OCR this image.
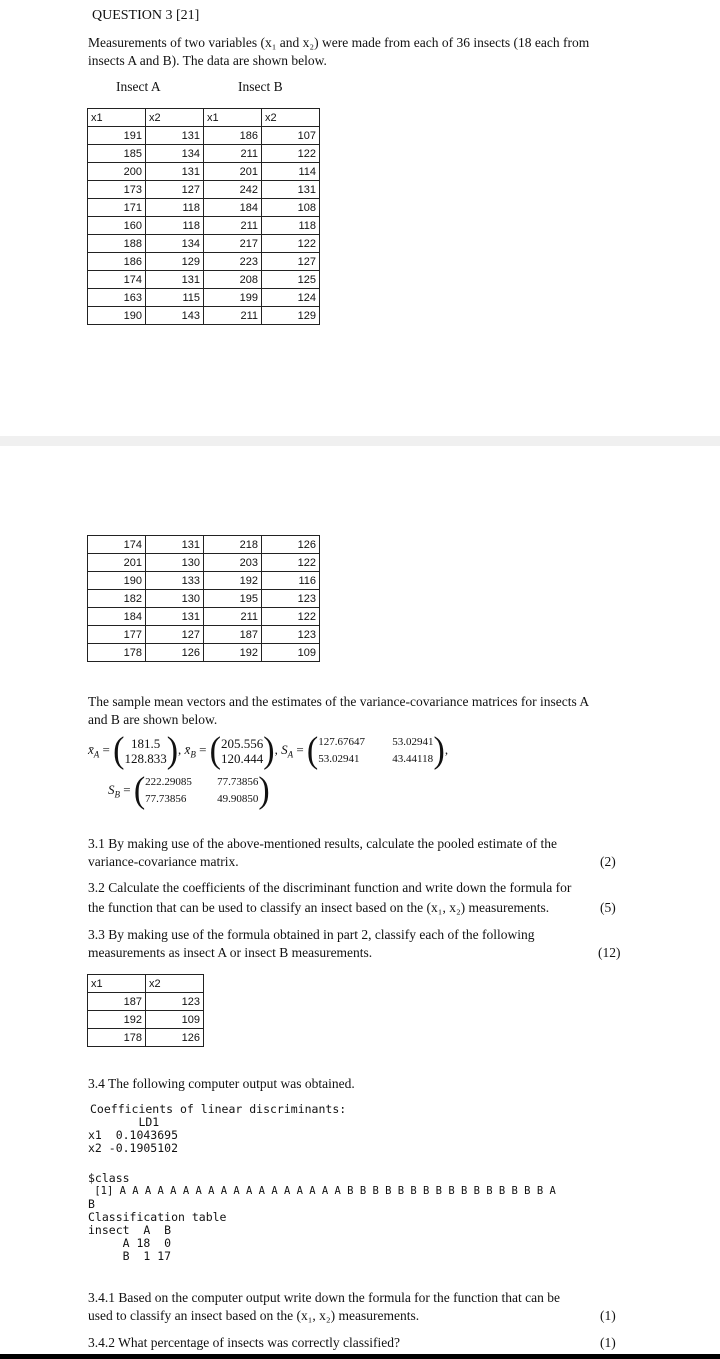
QUESTION 3 [21]
Measurements of two variables (x₁ and x₂) were made from each of 36 insects (18 each from
insects A and B). The data are shown below.
Insect A	Insect B
x1	x2	x1	x2
191	131	186	107
185	134	211	122
200	131	201	114
173	127	242	131
171	118	184	108
160	118	211	118
188	134	217	122
186	129	223	127
174	131	208	125
163	115	199	124
190	143	211	129
174	131	218	126
201	130	203	122
190	133	192	116
182	130	195	123
184	131	211	122
177	127	187	123
178	126	192	109
The sample mean vectors and the estimates of the variance-covariance matrices for insects A
and B are shown below.
$x̄_A$ = ( 181.5
128.833), $x̄_B = (205.556$
120.444), $S_A = (127.67647$ 53.02941
53.02941	43.44118),
$S_B = (222.29085$ 77.73856
77.73856	49.90850)
3.1 By making use of the above-mentioned results, calculate the pooled estimate of the
variance-covariance matrix.	(2)
3.2 Calculate the coefficients of the discriminant function and write down the formula for
the function that can be used to classify an insect based on the (x₁, x₂) measurements.	(5)
3.3 By making use of the formula obtained in part 2, classify each of the following
measurements as insect A or insect B measurements.	(12)
x1	x2
187	123
192	109
178	126
3.4 The following computer output was obtained.
Coefficients of linear discriminants:
LD1
x1  0.1043695
x2 -0.1905102
$class
[1] A A A A A A A A A A A A A A A A A A B B B B B B B B B B B B B B B B A
B
Classification table
insect  A  B
A 18  0
B  1 17
3.4.1 Based on the computer output write down the formula for the function that can be
used to classify an insect based on the (x₁, x₂) measurements.	(1)
3.4.2 What percentage of insects was correctly classified?	(1)
